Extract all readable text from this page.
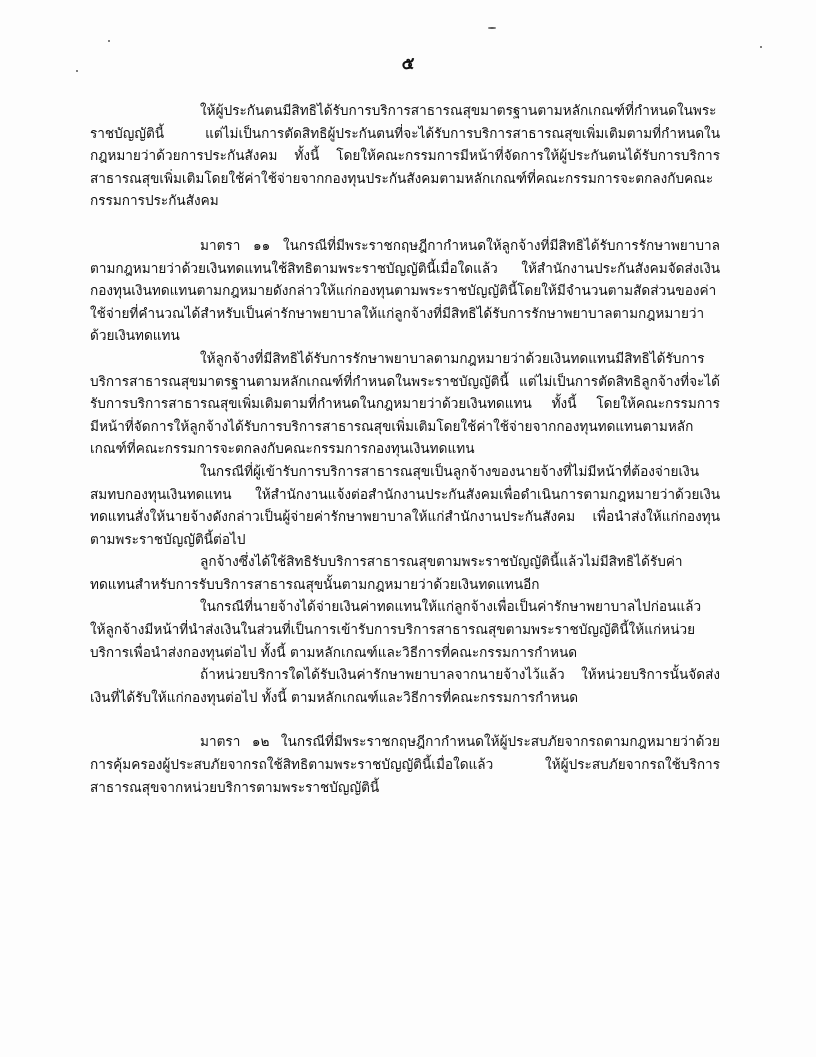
๕

ให้ผู้ประกันตนมีสิทธิได้รับการบริการสาธารณสุขมาตรฐานตามหลักเกณฑ์ที่กำหนดในพระราชบัญญัตินี้ แต่ไม่เป็นการตัดสิทธิผู้ประกันตนที่จะได้รับการบริการสาธารณสุขเพิ่มเติมตามที่กำหนดในกฎหมายว่าด้วยการประกันสังคม ทั้งนี้ โดยให้คณะกรรมการมีหน้าที่จัดการให้ผู้ประกันตนได้รับการบริการสาธารณสุขเพิ่มเติมโดยใช้ค่าใช้จ่ายจากกองทุนประกันสังคมตามหลักเกณฑ์ที่คณะกรรมการจะตกลงกับคณะกรรมการประกันสังคม

มาตรา ๑๑ ในกรณีที่มีพระราชกฤษฎีกากำหนดให้ลูกจ้างที่มีสิทธิได้รับการรักษาพยาบาลตามกฎหมายว่าด้วยเงินทดแทนใช้สิทธิตามพระราชบัญญัตินี้เมื่อใดแล้ว ให้สำนักงานประกันสังคมจัดส่งเงินกองทุนเงินทดแทนตามกฎหมายดังกล่าวให้แก่กองทุนตามพระราชบัญญัตินี้โดยให้มีจำนวนตามสัดส่วนของค่าใช้จ่ายที่คำนวณได้สำหรับเป็นค่ารักษาพยาบาลให้แก่ลูกจ้างที่มีสิทธิได้รับการรักษาพยาบาลตามกฎหมายว่าด้วยเงินทดแทน

ให้ลูกจ้างที่มีสิทธิได้รับการรักษาพยาบาลตามกฎหมายว่าด้วยเงินทดแทนมีสิทธิได้รับการบริการสาธารณสุขมาตรฐานตามหลักเกณฑ์ที่กำหนดในพระราชบัญญัตินี้ แต่ไม่เป็นการตัดสิทธิลูกจ้างที่จะได้รับการบริการสาธารณสุขเพิ่มเติมตามที่กำหนดในกฎหมายว่าด้วยเงินทดแทน ทั้งนี้ โดยให้คณะกรรมการมีหน้าที่จัดการให้ลูกจ้างได้รับการบริการสาธารณสุขเพิ่มเติมโดยใช้ค่าใช้จ่ายจากกองทุนทดแทนตามหลักเกณฑ์ที่คณะกรรมการจะตกลงกับคณะกรรมการกองทุนเงินทดแทน

ในกรณีที่ผู้เข้ารับการบริการสาธารณสุขเป็นลูกจ้างของนายจ้างที่ไม่มีหน้าที่ต้องจ่ายเงินสมทบกองทุนเงินทดแทน ให้สำนักงานแจ้งต่อสำนักงานประกันสังคมเพื่อดำเนินการตามกฎหมายว่าด้วยเงินทดแทนสั่งให้นายจ้างดังกล่าวเป็นผู้จ่ายค่ารักษาพยาบาลให้แก่สำนักงานประกันสังคม เพื่อนำส่งให้แก่กองทุนตามพระราชบัญญัตินี้ต่อไป

ลูกจ้างซึ่งได้ใช้สิทธิรับบริการสาธารณสุขตามพระราชบัญญัตินี้แล้วไม่มีสิทธิได้รับค่าทดแทนสำหรับการรับบริการสาธารณสุขนั้นตามกฎหมายว่าด้วยเงินทดแทนอีก

ในกรณีที่นายจ้างได้จ่ายเงินค่าทดแทนให้แก่ลูกจ้างเพื่อเป็นค่ารักษาพยาบาลไปก่อนแล้ว ให้ลูกจ้างมีหน้าที่นำส่งเงินในส่วนที่เป็นการเข้ารับการบริการสาธารณสุขตามพระราชบัญญัตินี้ให้แก่หน่วยบริการเพื่อนำส่งกองทุนต่อไป ทั้งนี้ ตามหลักเกณฑ์และวิธีการที่คณะกรรมการกำหนด

ถ้าหน่วยบริการใดได้รับเงินค่ารักษาพยาบาลจากนายจ้างไว้แล้ว ให้หน่วยบริการนั้นจัดส่งเงินที่ได้รับให้แก่กองทุนต่อไป ทั้งนี้ ตามหลักเกณฑ์และวิธีการที่คณะกรรมการกำหนด

มาตรา ๑๒ ในกรณีที่มีพระราชกฤษฎีกากำหนดให้ผู้ประสบภัยจากรถตามกฎหมายว่าด้วยการคุ้มครองผู้ประสบภัยจากรถใช้สิทธิตามพระราชบัญญัตินี้เมื่อใดแล้ว ให้ผู้ประสบภัยจากรถใช้บริการสาธารณสุขจากหน่วยบริการตามพระราชบัญญัตินี้
